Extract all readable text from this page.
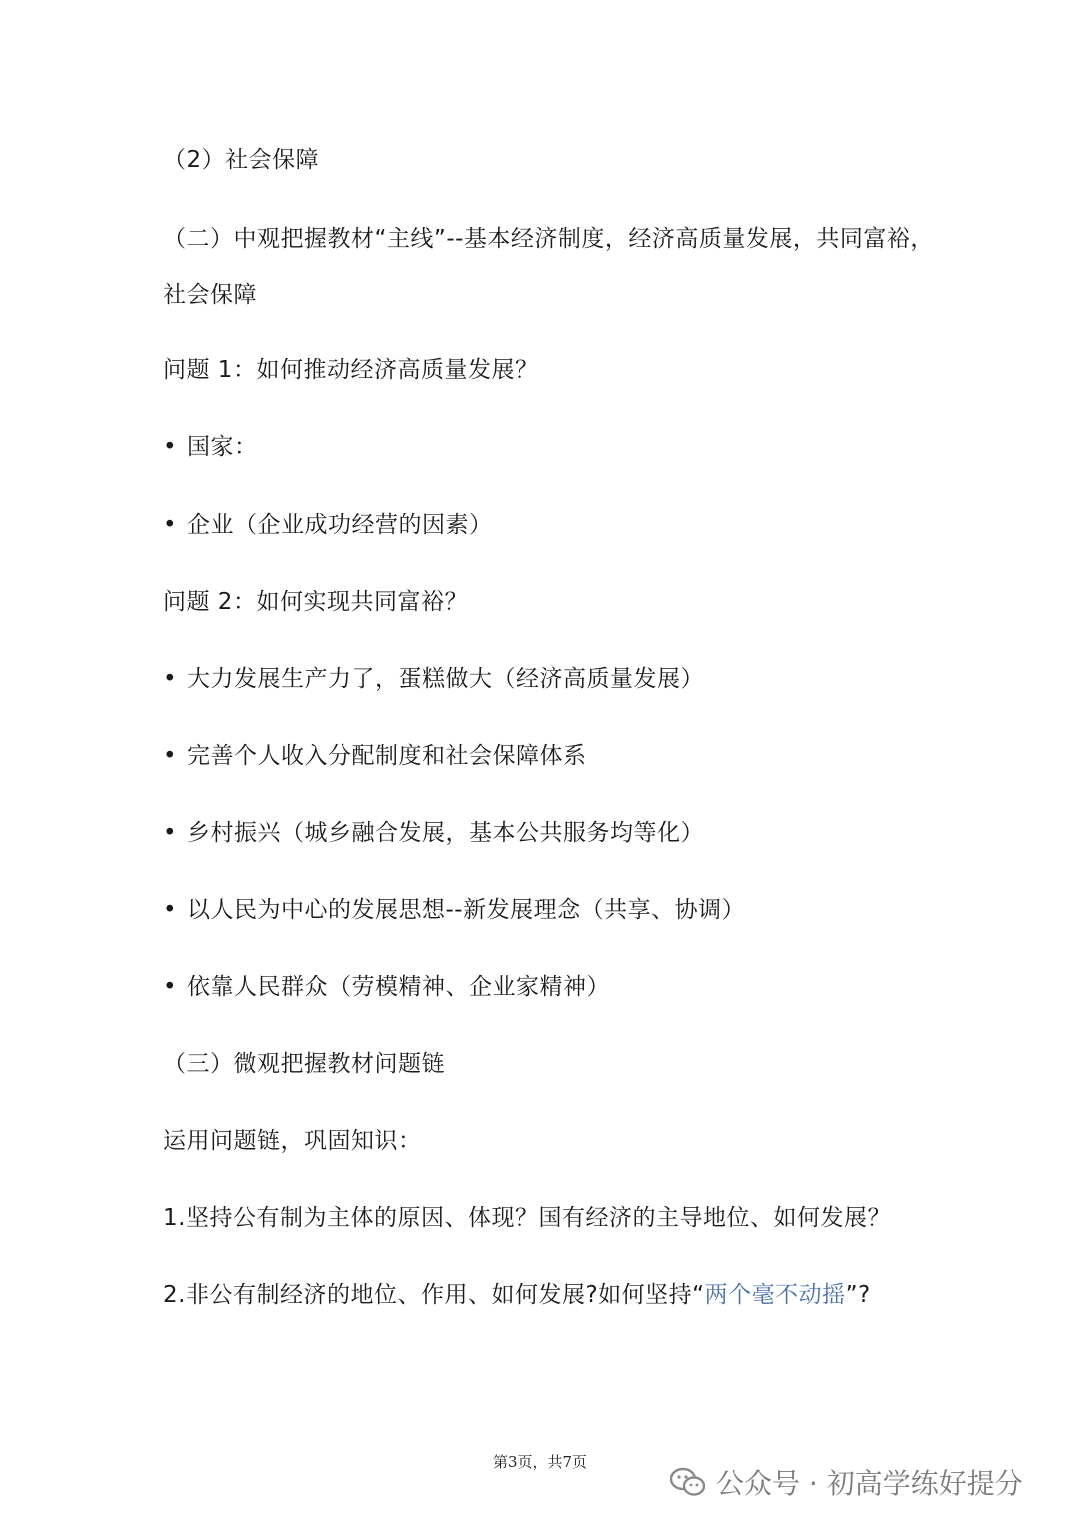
（2）社会保障
（二）中观把握教材“主线”--基本经济制度，经济高质量发展，共同富裕，
社会保障
问题 1：如何推动经济高质量发展？
• 国家：
• 企业（企业成功经营的因素）
问题 2：如何实现共同富裕？
• 大力发展生产力了，蛋糕做大（经济高质量发展）
• 完善个人收入分配制度和社会保障体系
• 乡村振兴（城乡融合发展，基本公共服务均等化）
• 以人民为中心的发展思想--新发展理念（共享、协调）
• 依靠人民群众（劳模精神、企业家精神）
（三）微观把握教材问题链
运用问题链，巩固知识：
1.坚持公有制为主体的原因、体现？国有经济的主导地位、如何发展？
2.非公有制经济的地位、作用、如何发展?如何坚持“两个毫不动摇”?
第3页，共7页
公众号 · 初高学练好提分
